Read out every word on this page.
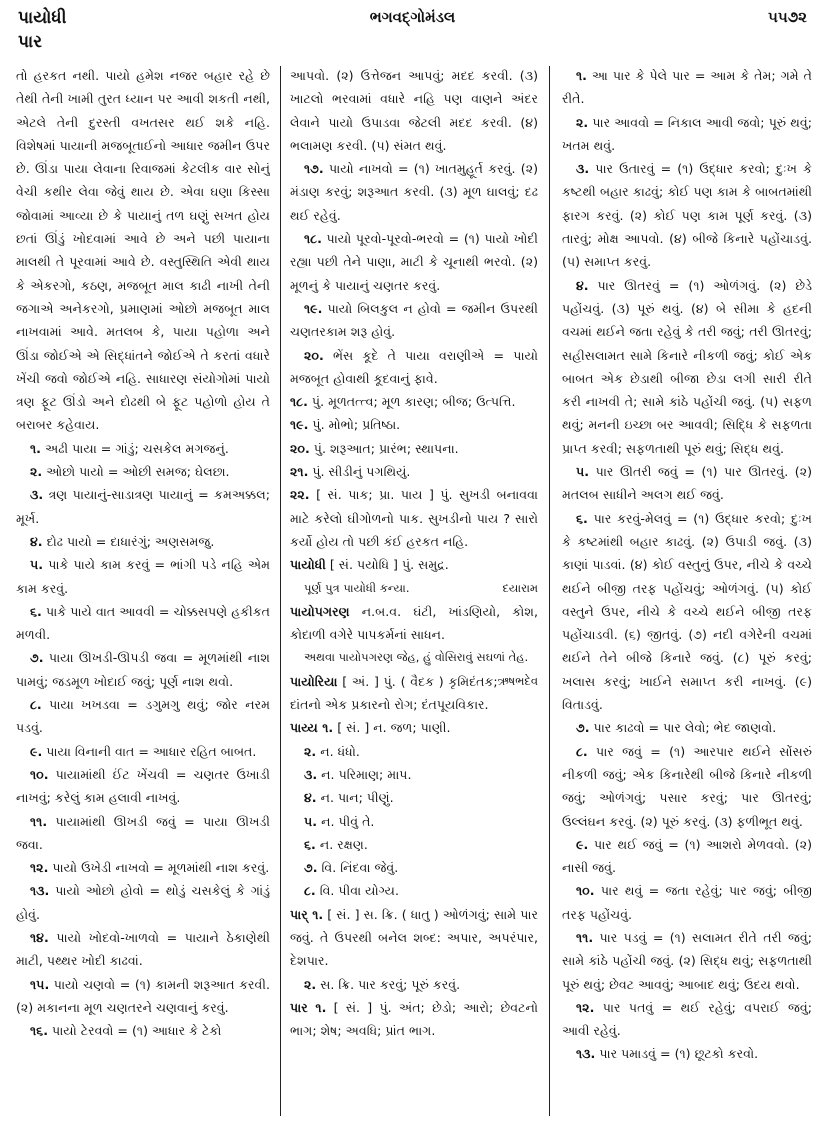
પાયોધી
પાર
ભગવદ્ગોમંડલ	૫૫૭૨

તો હરકત નથી. પાયો હમેશ નજર બહાર રહે છે તેથી તેની ખામી તુરત ધ્યાન પર આવી શકતી નથી, એટલે તેની દુરસ્તી વખતસર થઈ શકે નહિ. વિશેષમાં પાયાની મજબૂતાઈનો આધાર જમીન ઉપર છે. ઊંડા પાયા લેવાના રિવાજમાં કેટલીક વાર સોનું વેચી કથીર લેવા જેવું થાય છે. એવા ઘણા કિસ્સા જોવામાં આવ્યા છે કે પાયાનું તળ ઘણું સખત હોય છતાં ઊંડું ખોદવામાં આવે છે અને પછી પાયાના માલથી તે પૂરવામાં આવે છે. વસ્તુસ્થિતિ એવી થાય કે એકરગો, કઠણ, મજબૂત માલ કાઢી નાખી તેની જગાએ અનેકરગો, પ્રમાણમાં ઓછો મજબૂત માલ નાખવામાં આવે. મતલબ કે, પાયા પહોળા અને ઊંડા જોઈએ એ સિદ્ધાંતને જોઈએ તે કરતાં વધારે ખેંચી જવો જોઈએ નહિ. સાધારણ સંયોગોમાં પાયો ત્રણ ફૂટ ઊંડો અને દોઢથી બે ફૂટ પહોળો હોય તે બરાબર કહેવાય.

૧. અઢી પાયા = ગાંડું; ચસકેલ મગજનું.

૨. ઓછો પાયો = ઓછી સમજ; ઘેલછા.

૩. ત્રણ પાયાનું-સાડાત્રણ પાયાનું = કમઅક્કલ; મૂર્ખ.

૪. દોઢ પાયો = દાધારંગું; અણસમજુ.

૫. પાકે પાયે કામ કરવું = ભાંગી પડે નહિ એમ કામ કરવું.

૬. પાકે પાયે વાત આવવી = ચોક્કસપણે હકીકત મળવી.

૭. પાયા ઊખડી-ઊપડી જવા = મૂળમાંથી નાશ પામવું; જડમૂળ ખોદાઈ જવું; પૂર્ણ નાશ થવો.

૮. પાયા ખખડવા = ડગુમગુ થવું; જોર નરમ પડવું.

૯. પાયા વિનાની વાત = આધાર રહિત બાબત.

૧૦. પાયામાંથી ઈંટ ખેંચવી = ચણતર ઉખાડી નાખવું; કરેલું કામ હલાવી નાખવું.

૧૧. પાયામાંથી ઊખડી જવું = પાયા ઊખડી જવા.

૧૨. પાયો ઉખેડી નાખવો = મૂળમાંથી નાશ કરવું.

૧૩. પાયો ઓછો હોવો = થોડું ચસકેલું કે ગાંડું હોવું.

૧૪. પાયો ખોદવો-ખાળવો = પાયાને ઠેકાણેથી માટી, પથ્થર ખોદી કાઢવાં.

૧૫. પાયો ચણવો = (૧) કામની શરૂઆત કરવી. (૨) મકાનના મૂળ ચણતરને ચણવાનું કરવું.

૧૬. પાયો ટેરવવો = (૧) આધાર કે ટેકો

આપવો. (૨) ઉત્તેજન આપવું; મદદ કરવી. (૩) ખાટલો ભરવામાં વધારે નહિ પણ વાણને અંદર લેવાને પાયો ઉપાડવા જેટલી મદદ કરવી. (૪) ભલામણ કરવી. (૫) સંમત થવું.

૧૭. પાયો નાખવો = (૧) ખાતમુહૂર્ત કરવું. (૨) મંડાણ કરવું; શરૂઆત કરવી. (૩) મૂળ ઘાલવું; દઢ થઈ રહેવું.

૧૮. પાયો પૂરવો-પૂરવો-ભરવો = (૧) પાયો ખોદી રહ્યા પછી તેને પાણા, માટી કે ચૂનાથી ભરવો. (૨) મૂળનું કે પાયાનું ચણતર કરવું.

૧૯. પાયો બિલકુલ ન હોવો = જમીન ઉપરથી ચણતરકામ શરૂ હોવું.

૨૦. ભેંસ કૂદે તે પાયા વરાણીએ = પાયો મજબૂત હોવાથી કૂદવાનું ફાવે.

૧૮. પું. મૂળતત્ત્વ; મૂળ કારણ; બીજ; ઉત્પત્તિ.

૧૯. પું. મોભો; પ્રતિષ્ઠા.

૨૦. પું. શરૂઆત; પ્રારંભ; સ્થાપના.

૨૧. પું. સીડીનું પગથિયું.

૨૨. [ સં. પાક; પ્રા. પાય ] પું. સુખડી બનાવવા માટે કરેલો ઘીગોળનો પાક. સુખડીનો પાય ? સારો કર્યો હોય તો પછી કંઈ હરકત નહિ.

પાયોધી [ સં. પયોધિ ] પું. સમુદ્ર.

પૂર્ણ પુત્ર પાયોધી કન્યા.	દયારામ

પાયોપગરણ ન.બ.વ. ઘંટી, ખાંડણિયો, કોશ, કોદાળી વગેરે પાપકર્મનાં સાધન.

અથવા પાયોપગરણ જેહ, હું વોસિરાવું સઘળાં તેહ.
ઋષભદેવ

પાયોરિયા [ અં. ] પું. ( વૈદક ) કૃમિદંતક; દાંતનો એક પ્રકારનો રોગ; દંતપૂયવિકાર.

પાય્ય ૧. [ સં. ] ન. જળ; પાણી.

૨. ન. ધંધો.

૩. ન. પરિમાણ; માપ.

૪. ન. પાન; પીણું.

૫. ન. પીવું તે.

૬. ન. રક્ષણ.

૭. વિ. નિંદવા જેવું.

૮. વિ. પીવા યોગ્ય.

પાર્ ૧. [ સં. ] સ. ક્રિ. ( ધાતુ ) ઓળંગવું; સામે પાર જવું. તે ઉપરથી બનેલ શબ્દ: અપાર, અપરંપાર, દેશપાર.

૨. સ. ક્રિ. પાર કરવું; પૂરું કરવું.

પાર ૧. [ સં. ] પું. અંત; છેડો; આરો; છેવટનો ભાગ; શેષ; અવધિ; પ્રાંત ભાગ.

૧. આ પાર કે પેલે પાર = આમ કે તેમ; ગમે તે રીતે.

૨. પાર આવવો = નિકાલ આવી જવો; પૂરું થવું; ખતમ થવું.

૩. પાર ઉતારવું = (૧) ઉદ્ધાર કરવો; દુઃખ કે કષ્ટથી બહાર કાઢવું; કોઈ પણ કામ કે બાબતમાંથી ફારગ કરવું. (૨) કોઈ પણ કામ પૂર્ણ કરવું. (૩) તારવું; મોક્ષ આપવો. (૪) બીજે કિનારે પહોંચાડવું. (૫) સમાપ્ત કરવું.

૪. પાર ઊતરવું = (૧) ઓળંગવું. (૨) છેડે પહોંચવું. (૩) પૂરું થવું. (૪) બે સીમા કે હદની વચમાં થઈને જતા રહેવું કે તરી જવું; તરી ઊતરવું; સહીસલામત સામે કિનારે નીકળી જવું; કોઈ એક બાબત એક છેડાથી બીજા છેડા લગી સારી રીતે કરી નાખવી તે; સામે કાંઠે પહોંચી જવું. (૫) સફળ થવું; મનની ઇચ્છા બર આવવી; સિદ્ધિ કે સફળતા પ્રાપ્ત કરવી; સફળતાથી પૂરું થવું; સિદ્ધ થવું.

૫. પાર ઊતરી જવું = (૧) પાર ઊતરવું. (૨) મતલબ સાધીને અલગ થઈ જવું.

૬. પાર કરવું-મેલવું = (૧) ઉદ્ધાર કરવો; દુઃખ કે કષ્ટમાંથી બહાર કાઢવું. (૨) ઉપાડી જવું. (૩) કાણાં પાડવાં. (૪) કોઈ વસ્તુનું ઉપર, નીચે કે વચ્ચે થઈને બીજી તરફ પહોંચવું; ઓળંગવું. (૫) કોઈ વસ્તુને ઉપર, નીચે કે વચ્ચે થઈને બીજી તરફ પહોંચાડવી. (૬) જીતવું. (૭) નદી વગેરેની વચમાં થઈને તેને બીજે કિનારે જવું. (૮) પૂરું કરવું; ખલાસ કરવું; ખાઈને સમાપ્ત કરી નાખવું. (૯) વિતાડવું.

૭. પાર કાઢવો = પાર લેવો; ભેદ જાણવો.

૮. પાર જવું = (૧) આરપાર થઈને સોંસરું નીકળી જવું; એક કિનારેથી બીજે કિનારે નીકળી જવું; ઓળંગવું; પસાર કરવું; પાર ઊતરવું; ઉલ્લંઘન કરવું. (૨) પૂરું કરવું. (૩) ફળીભૂત થવું.

૯. પાર થઈ જવું = (૧) આશરો મેળવવો. (૨) નાસી જવું.

૧૦. પાર થવું = જતા રહેવું; પાર જવું; બીજી તરફ પહોંચવું.

૧૧. પાર પડવું = (૧) સલામત રીતે તરી જવું; સામે કાંઠે પહોંચી જવું. (૨) સિદ્ધ થવું; સફળતાથી પૂરું થવું; છેવટ આવવું; આબાદ થવું; ઉદય થવો.

૧૨. પાર પતવું = થઈ રહેવું; વપરાઈ જવું; આવી રહેવું.

૧૩. પાર પમાડવું = (૧) છૂટકો કરવો.
